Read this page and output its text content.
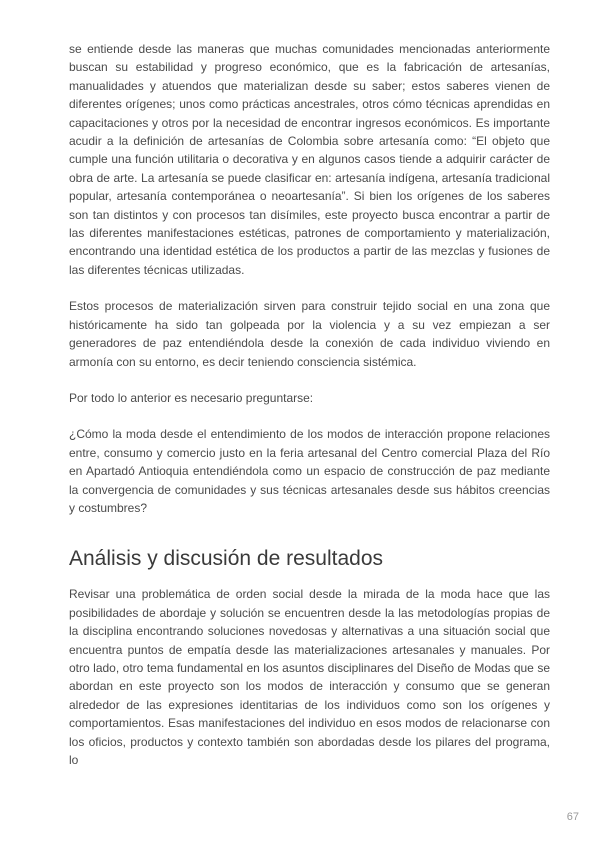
se entiende desde las maneras que muchas comunidades mencionadas anteriormente buscan su estabilidad y progreso económico, que es la fabricación de artesanías, manualidades y atuendos que materializan desde su saber; estos saberes vienen de diferentes orígenes; unos como prácticas ancestrales, otros cómo técnicas aprendidas en capacitaciones y otros por la necesidad de encontrar ingresos económicos. Es importante acudir a la definición de artesanías de Colombia sobre artesanía como: “El objeto que cumple una función utilitaria o decorativa y en algunos casos tiende a adquirir carácter de obra de arte. La artesanía se puede clasificar en: artesanía indígena, artesanía tradicional popular, artesanía contemporánea o neoartesanía”. Si bien los orígenes de los saberes son tan distintos y con procesos tan disímiles, este proyecto busca encontrar a partir de las diferentes manifestaciones estéticas, patrones de comportamiento y materialización, encontrando una identidad estética de los productos a partir de las mezclas y fusiones de las diferentes técnicas utilizadas.

Estos procesos de materialización sirven para construir tejido social en una zona que históricamente ha sido tan golpeada por la violencia y a su vez empiezan a ser generadores de paz entendiéndola desde la conexión de cada individuo viviendo en armonía con su entorno, es decir teniendo consciencia sistémica.

Por todo lo anterior es necesario preguntarse:

¿Cómo la moda desde el entendimiento de los modos de interacción propone relaciones entre, consumo y comercio justo en la feria artesanal del Centro comercial Plaza del Río en Apartadó Antioquia entendiéndola como un espacio de construcción de paz mediante la convergencia de comunidades y sus técnicas artesanales desde sus hábitos creencias y costumbres?

Análisis y discusión de resultados

Revisar una problemática de orden social desde la mirada de la moda hace que las posibilidades de abordaje y solución se encuentren desde la las metodologías propias de la disciplina encontrando soluciones novedosas y alternativas a una situación social que encuentra puntos de empatía desde las materializaciones artesanales y manuales. Por otro lado, otro tema fundamental en los asuntos disciplinares del Diseño de Modas que se abordan en este proyecto son los modos de interacción y consumo que se generan alrededor de las expresiones identitarias de los individuos como son los orígenes y comportamientos. Esas manifestaciones del individuo en esos modos de relacionarse con los oficios, productos y contexto también son abordadas desde los pilares del programa, lo

67
